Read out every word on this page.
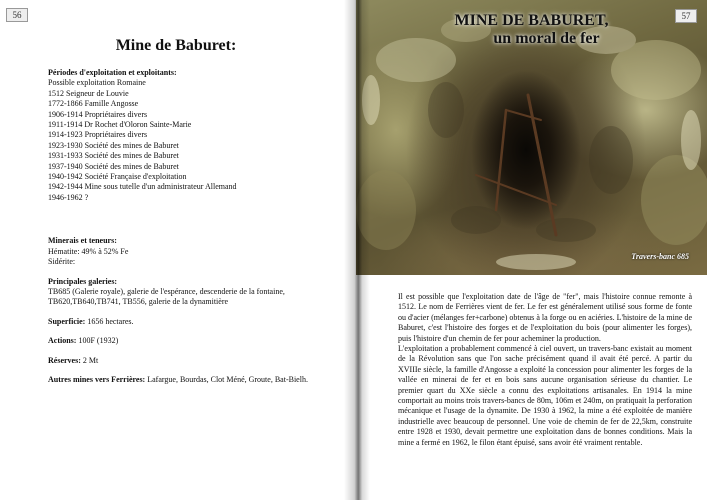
56
Mine de Baburet:
Périodes d'exploitation et exploitants:
Possible exploitation Romaine
1512 Seigneur de Louvie
1772-1866 Famille Angosse
1906-1914 Propriétaires divers
1911-1914 Dr Rochet d'Oloron Sainte-Marie
1914-1923 Propriétaires divers
1923-1930 Société des mines de Baburet
1931-1933 Société des mines de Baburet
1937-1940 Société des mines de Baburet
1940-1942 Société Française d'exploitation
1942-1944 Mine sous tutelle d'un administrateur Allemand
1946-1962 ?
Minerais et teneurs:
Hématite: 49% à 52% Fe
Sidérite:
Principales galeries:
TB685 (Galerie royale), galerie de l'espérance, descenderie de la fontaine,
TB620,TB640,TB741, TB556, galerie de la dynamitière
Superficie: 1656 hectares.
Actions: 100F (1932)
Réserves: 2 Mt
Autres mines vers Ferrières: Lafargue, Bourdas, Clot Méné, Groute, Bat-Bielh.
MINE DE BABURET,
un moral de fer
57
Travers-banc 685

Il est possible que l'exploitation date de l'âge de "fer", mais l'histoire connue remonte à 1512. Le nom de Ferrières vient de fer. Le fer est généralement utilisé sous forme de fonte ou d'acier (mélanges fer+carbone) obtenus à la forge ou en aciéries. L'histoire de la mine de Baburet, c'est l'histoire des forges et de l'exploitation du bois (pour alimenter les forges), puis l'histoire d'un chemin de fer pour acheminer la production.

L'exploitation a probablement commencé à ciel ouvert, un travers-banc existait au moment de la Révolution sans que l'on sache précisément quand il avait été percé. A partir du XVIIIe siècle, la famille d'Angosse a exploité la concession pour alimenter les forges de la vallée en minerai de fer et en bois sans aucune organisation sérieuse du chantier. Le premier quart du XXe siècle a connu des exploitations artisanales. En 1914 la mine comportait au moins trois travers-bancs de 80m, 106m et 240m, on pratiquait la perforation mécanique et l'usage de la dynamite. De 1930 à 1962, la mine a été exploitée de manière industrielle avec beaucoup de personnel. Une voie de chemin de fer de 22,5km, construite entre 1928 et 1930, devait permettre une exploitation dans de bonnes conditions. Mais la mine a fermé en 1962, le filon étant épuisé, sans avoir été vraiment rentable.
